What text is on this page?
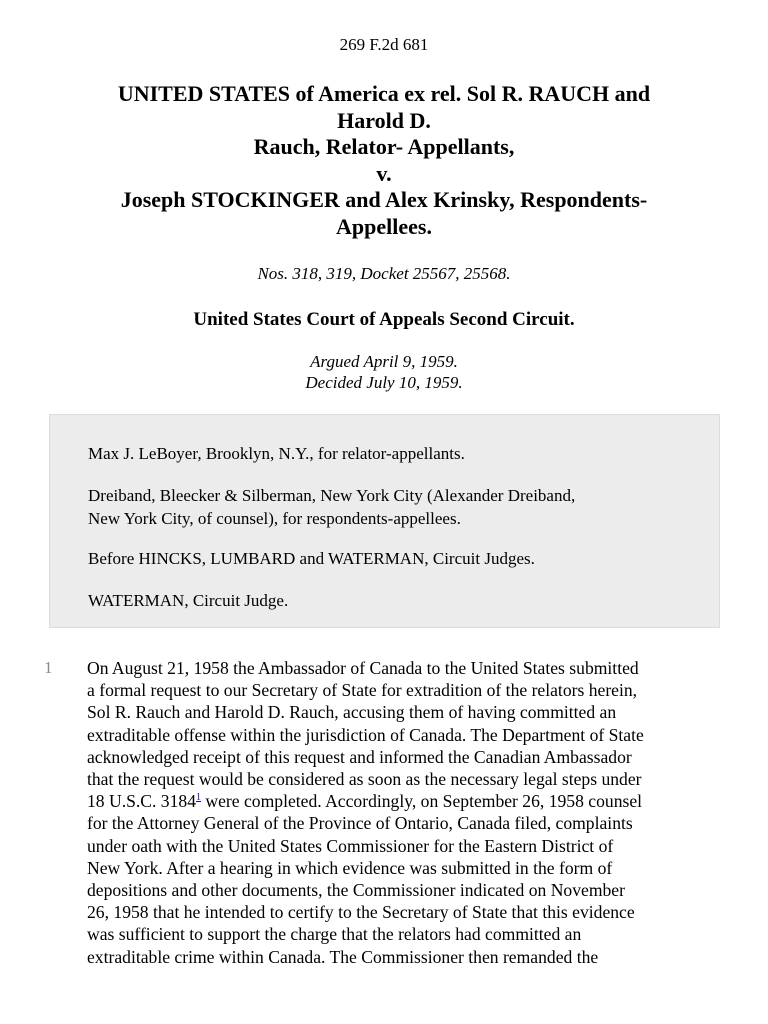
269 F.2d 681
UNITED STATES of America ex rel. Sol R. RAUCH and
Harold D.
Rauch, Relator- Appellants,
v.
Joseph STOCKINGER and Alex Krinsky, Respondents-
Appellees.
Nos. 318, 319, Docket 25567, 25568.
United States Court of Appeals Second Circuit.
Argued April 9, 1959.
Decided July 10, 1959.

Max J. LeBoyer, Brooklyn, N.Y., for relator-appellants.

Dreiband, Bleecker & Silberman, New York City (Alexander Dreiband,

New York City, of counsel), for respondents-appellees.

Before HINCKS, LUMBARD and WATERMAN, Circuit Judges.

WATERMAN, Circuit Judge.

1 On August 21, 1958 the Ambassador of Canada to the United States submitted
a formal request to our Secretary of State for extradition of the relators herein,
Sol R. Rauch and Harold D. Rauch, accusing them of having committed an
extraditable offense within the jurisdiction of Canada. The Department of State
acknowledged receipt of this request and informed the Canadian Ambassador
that the request would be considered as soon as the necessary legal steps under
18 U.S.C. 3184$^1$ were completed. Accordingly, on September 26, 1958 counsel
for the Attorney General of the Province of Ontario, Canada filed, complaints
under oath with the United States Commissioner for the Eastern District of
New York. After a hearing in which evidence was submitted in the form of
depositions and other documents, the Commissioner indicated on November
26, 1958 that he intended to certify to the Secretary of State that this evidence
was sufficient to support the charge that the relators had committed an
extraditable crime within Canada. The Commissioner then remanded the
